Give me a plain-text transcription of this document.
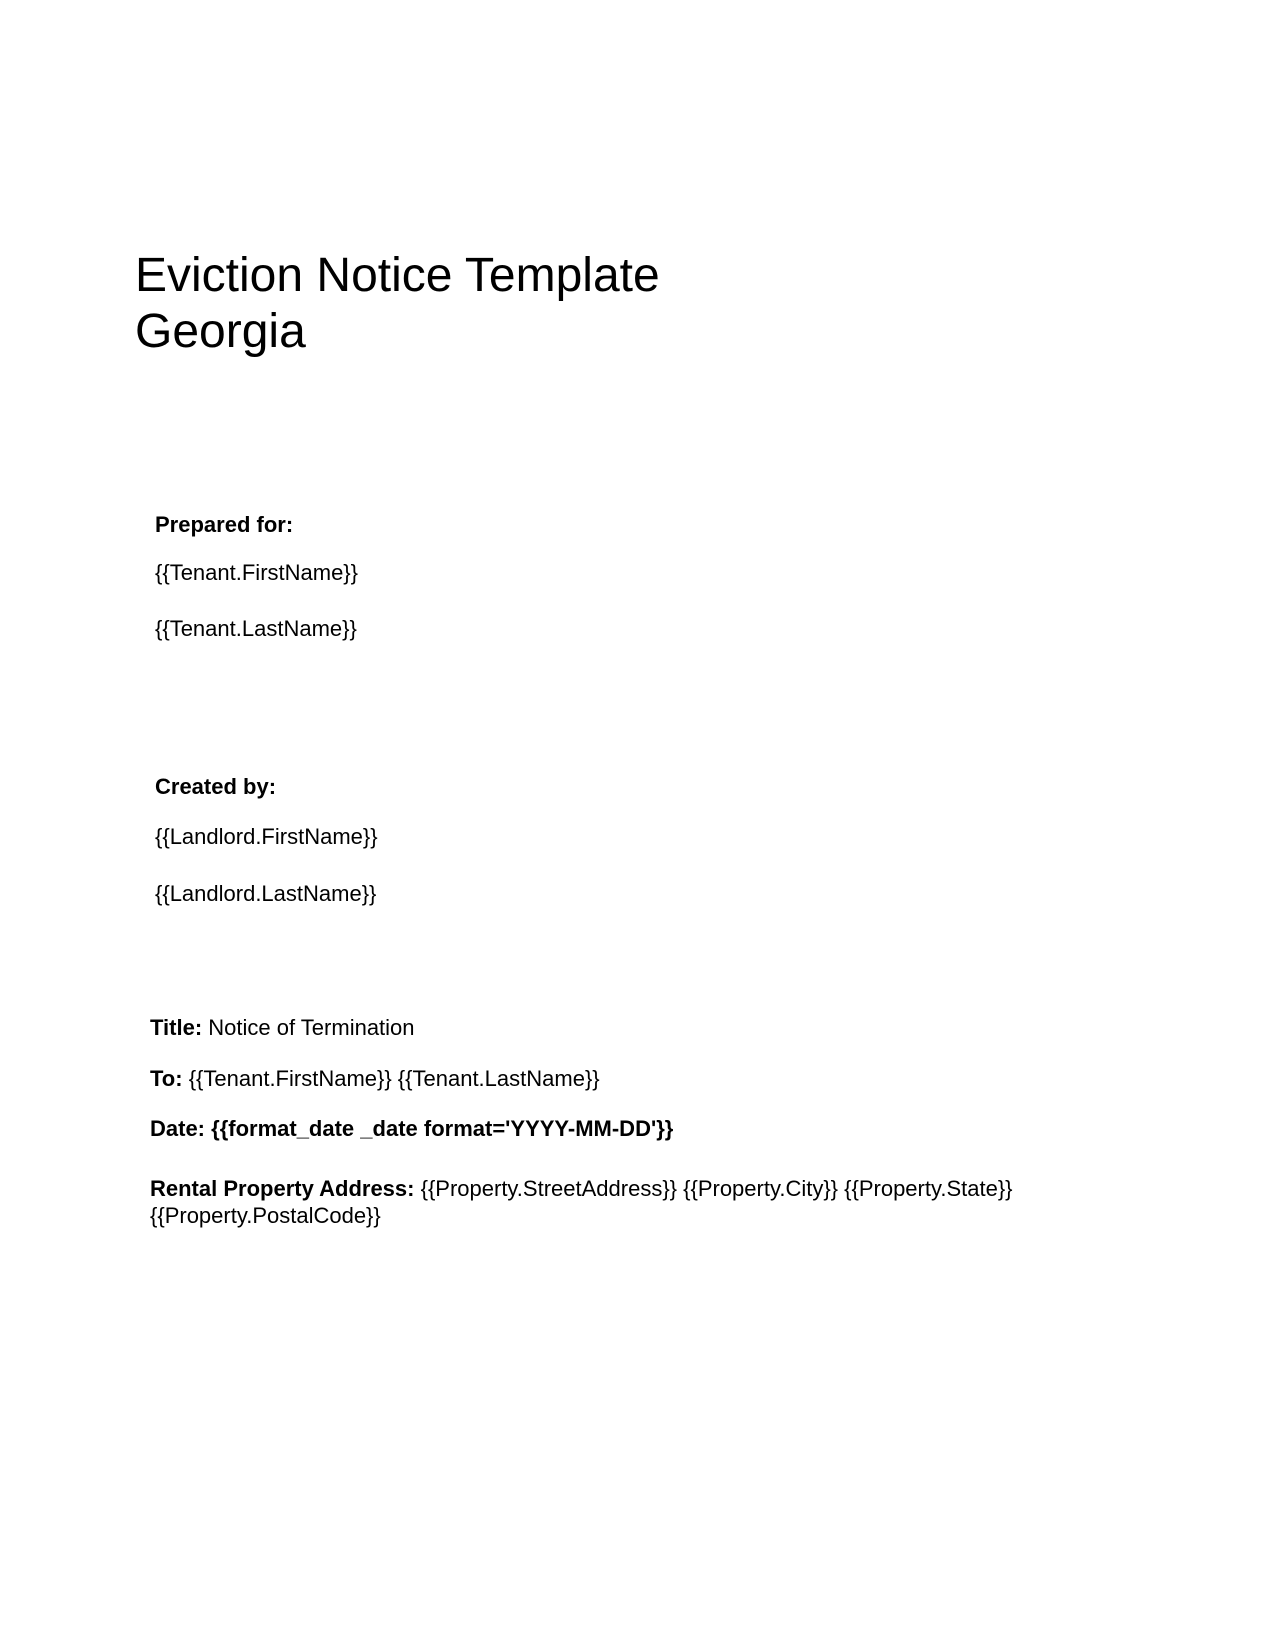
Eviction Notice Template
Georgia
Prepared for:
{{Tenant.FirstName}}
{{Tenant.LastName}}
Created by:
{{Landlord.FirstName}}
{{Landlord.LastName}}
Title: Notice of Termination
To: {{Tenant.FirstName}} {{Tenant.LastName}}
Date: {{format_date _date format='YYYY-MM-DD'}}
Rental Property Address: {{Property.StreetAddress}} {{Property.City}} {{Property.State}} {{Property.PostalCode}}
